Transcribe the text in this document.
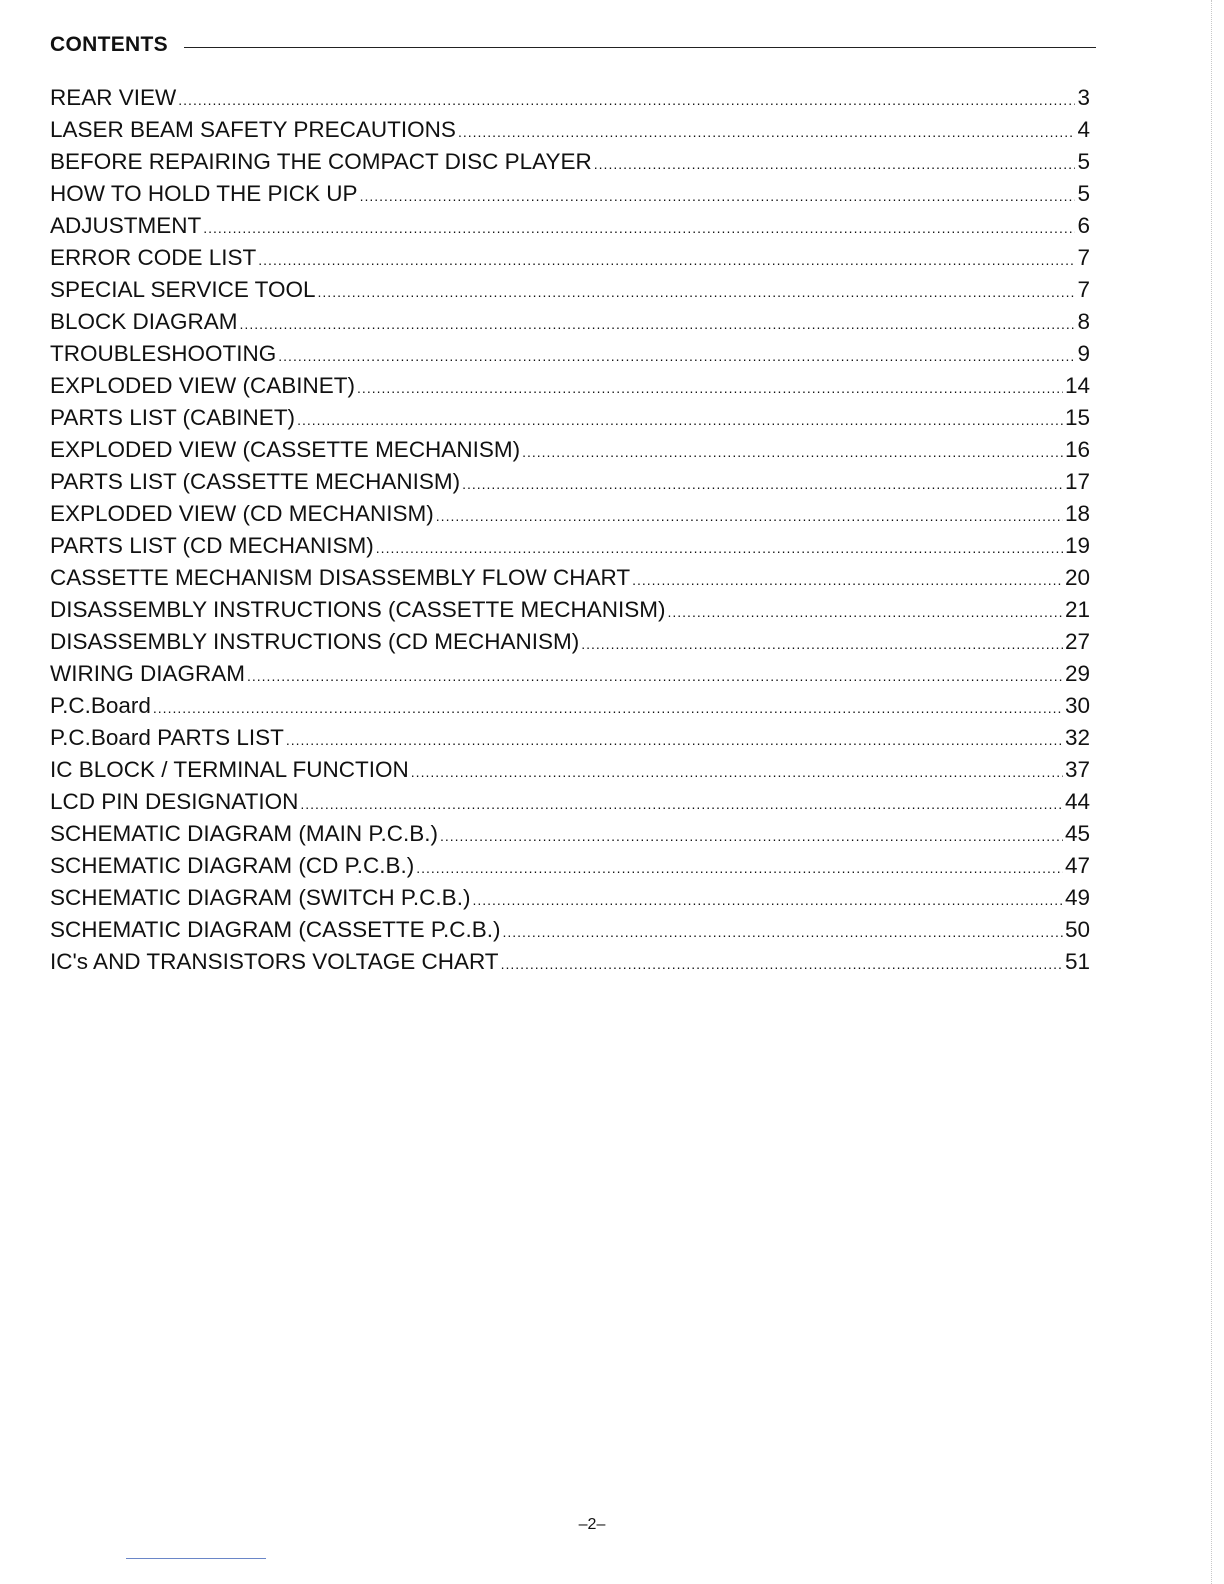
CONTENTS
REAR VIEW .....	3
LASER BEAM SAFETY PRECAUTIONS .....	4
BEFORE REPAIRING THE COMPACT DISC PLAYER .....	5
HOW TO HOLD THE PICK UP .....	5
ADJUSTMENT .....	6
ERROR CODE LIST .....	7
SPECIAL SERVICE TOOL .....	7
BLOCK DIAGRAM .....	8
TROUBLESHOOTING .....	9
EXPLODED VIEW (CABINET) .....	14
PARTS LIST (CABINET) .....	15
EXPLODED VIEW (CASSETTE MECHANISM) .....	16
PARTS LIST (CASSETTE MECHANISM) .....	17
EXPLODED VIEW (CD MECHANISM) .....	18
PARTS LIST (CD MECHANISM) .....	19
CASSETTE MECHANISM DISASSEMBLY FLOW CHART .....	20
DISASSEMBLY INSTRUCTIONS (CASSETTE MECHANISM) .....	21
DISASSEMBLY INSTRUCTIONS (CD MECHANISM) .....	27
WIRING DIAGRAM .....	29
P.C.Board .....	30
P.C.Board PARTS LIST .....	32
IC BLOCK / TERMINAL FUNCTION .....	37
LCD PIN DESIGNATION .....	44
SCHEMATIC DIAGRAM (MAIN P.C.B.) .....	45
SCHEMATIC DIAGRAM (CD P.C.B.) .....	47
SCHEMATIC DIAGRAM (SWITCH P.C.B.) .....	49
SCHEMATIC DIAGRAM (CASSETTE P.C.B.) .....	50
IC's AND TRANSISTORS VOLTAGE CHART .....	51
–2–
